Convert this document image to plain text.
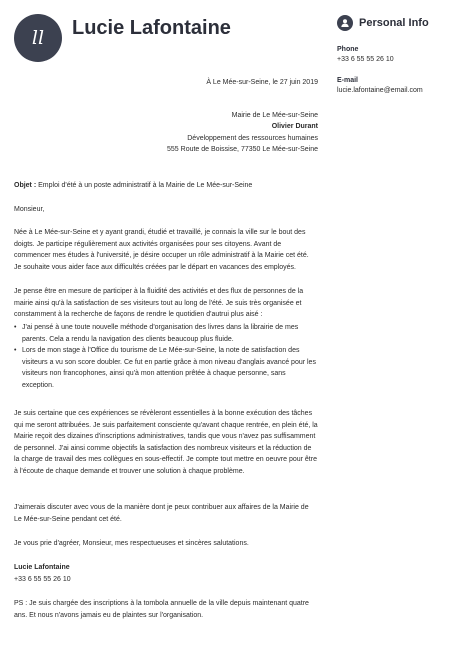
ll Lucie Lafontaine	Personal Info
Phone
+33 6 55 55 26 10
E-mail
lucie.lafontaine@email.com
À Le Mée-sur-Seine, le 27 juin 2019
Mairie de Le Mée-sur-Seine
Olivier Durant
Développement des ressources humaines
555 Route de Boissise, 77350 Le Mée-sur-Seine
Objet : Emploi d'été à un poste administratif à la Mairie de Le Mée-sur-Seine
Monsieur,

Née à Le Mée-sur-Seine et y ayant grandi, étudié et travaillé, je connais la ville sur le bout des doigts. Je participe régulièrement aux activités organisées pour ses citoyens. Avant de commencer mes études à l'université, je désire occuper un rôle administratif à la Mairie cet été. Je souhaite vous aider face aux difficultés créées par le départ en vacances des employés.

Je pense être en mesure de participer à la fluidité des activités et des flux de personnes de la mairie ainsi qu'à la satisfaction de ses visiteurs tout au long de l'été. Je suis très organisée et constamment à la recherche de façons de rendre le quotidien d'autrui plus aisé :

• J'ai pensé à une toute nouvelle méthode d'organisation des livres dans la librairie de mes parents. Cela a rendu la navigation des clients beaucoup plus fluide.
• Lors de mon stage à l'Office du tourisme de Le Mée-sur-Seine, la note de satisfaction des visiteurs a vu son score doubler. Ce fut en partie grâce à mon niveau d'anglais avancé pour les visiteurs non francophones, ainsi qu'à mon attention prêtée à chaque personne, sans exception.

Je suis certaine que ces expériences se révèleront essentielles à la bonne exécution des tâches qui me seront attribuées. Je suis parfaitement consciente qu'avant chaque rentrée, en plein été, la Mairie reçoit des dizaines d'inscriptions administratives, tandis que vous n'avez pas suffisamment de personnel. J'ai ainsi comme objectifs la satisfaction des nombreux visiteurs et la réduction de la charge de travail des mes collègues en sous-effectif. Je compte tout mettre en oeuvre pour être à l'écoute de chaque demande et trouver une solution à chaque problème.

J'aimerais discuter avec vous de la manière dont je peux contribuer aux affaires de la Mairie de Le Mée-sur-Seine pendant cet été.

Je vous prie d'agréer, Monsieur, mes respectueuses et sincères salutations.

Lucie Lafontaine
+33 6 55 55 26 10
PS : Je suis chargée des inscriptions à la tombola annuelle de la ville depuis maintenant quatre ans. Et nous n'avons jamais eu de plaintes sur l'organisation.
